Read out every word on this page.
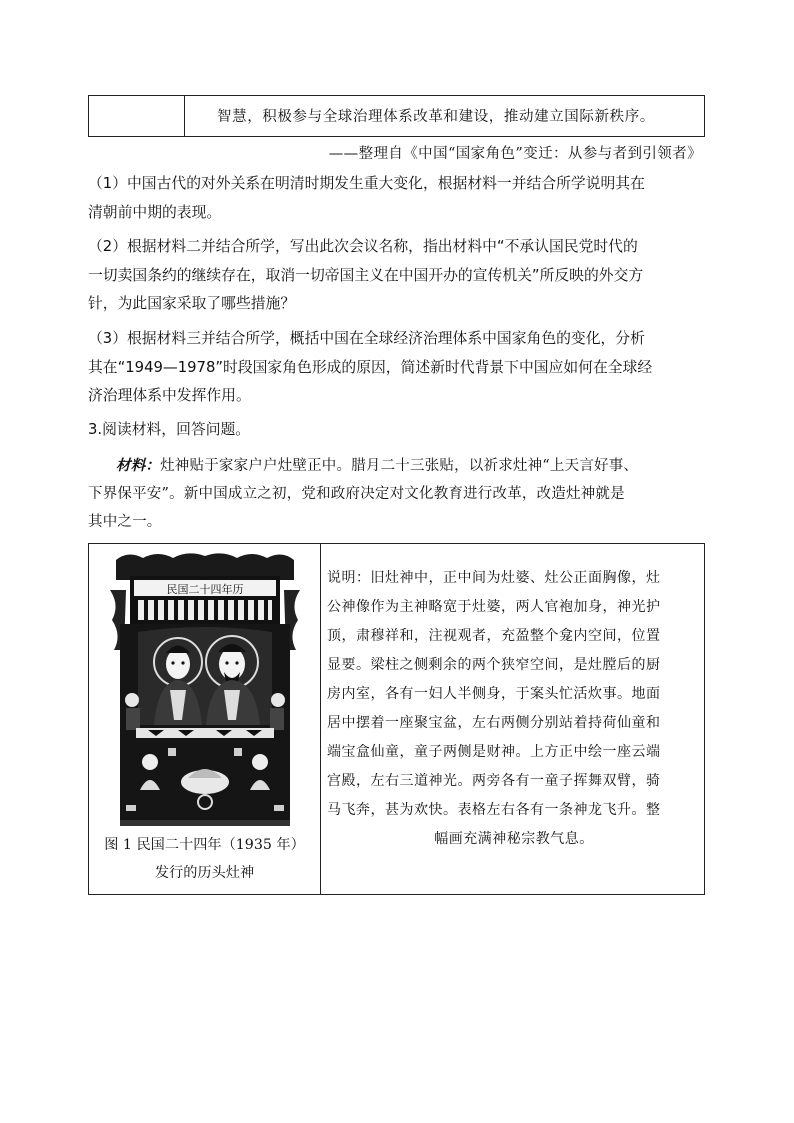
智慧，积极参与全球治理体系改革和建设，推动建立国际新秩序。
——整理自《中国“国家角色”变迁：从参与者到引领者》
（1）中国古代的对外关系在明清时期发生重大变化，根据材料一并结合所学说明其在
清朝前中期的表现。
（2）根据材料二并结合所学，写出此次会议名称，指出材料中“不承认国民党时代的
一切卖国条约的继续存在，取消一切帝国主义在中国开办的宣传机关”所反映的外交方
针，为此国家采取了哪些措施？
（3）根据材料三并结合所学，概括中国在全球经济治理体系中国家角色的变化，分析
其在“1949—1978”时段国家角色形成的原因，简述新时代背景下中国应如何在全球经
济治理体系中发挥作用。
3.阅读材料，回答问题。
材料：灶神贴于家家户户灶壁正中。腊月二十三张贴，以祈求灶神“上天言好事、
下界保平安”。新中国成立之初，党和政府决定对文化教育进行改革，改造灶神就是
其中之一。
民国二十四年历
图 1 民国二十四年（1935 年）
发行的历头灶神
说明：旧灶神中，正中间为灶婆、灶公正面胸像，灶
公神像作为主神略宽于灶婆，两人官袍加身，神光护
顶，肃穆祥和，注视观者，充盈整个龛内空间，位置
显要。梁柱之侧剩余的两个狭窄空间，是灶膛后的厨
房内室，各有一妇人半侧身，于案头忙活炊事。地面
居中摆着一座聚宝盆，左右两侧分别站着持荷仙童和
端宝盒仙童，童子两侧是财神。上方正中绘一座云端
宫殿，左右三道神光。两旁各有一童子挥舞双臂，骑
马飞奔，甚为欢快。表格左右各有一条神龙飞升。整
幅画充满神秘宗教气息。
